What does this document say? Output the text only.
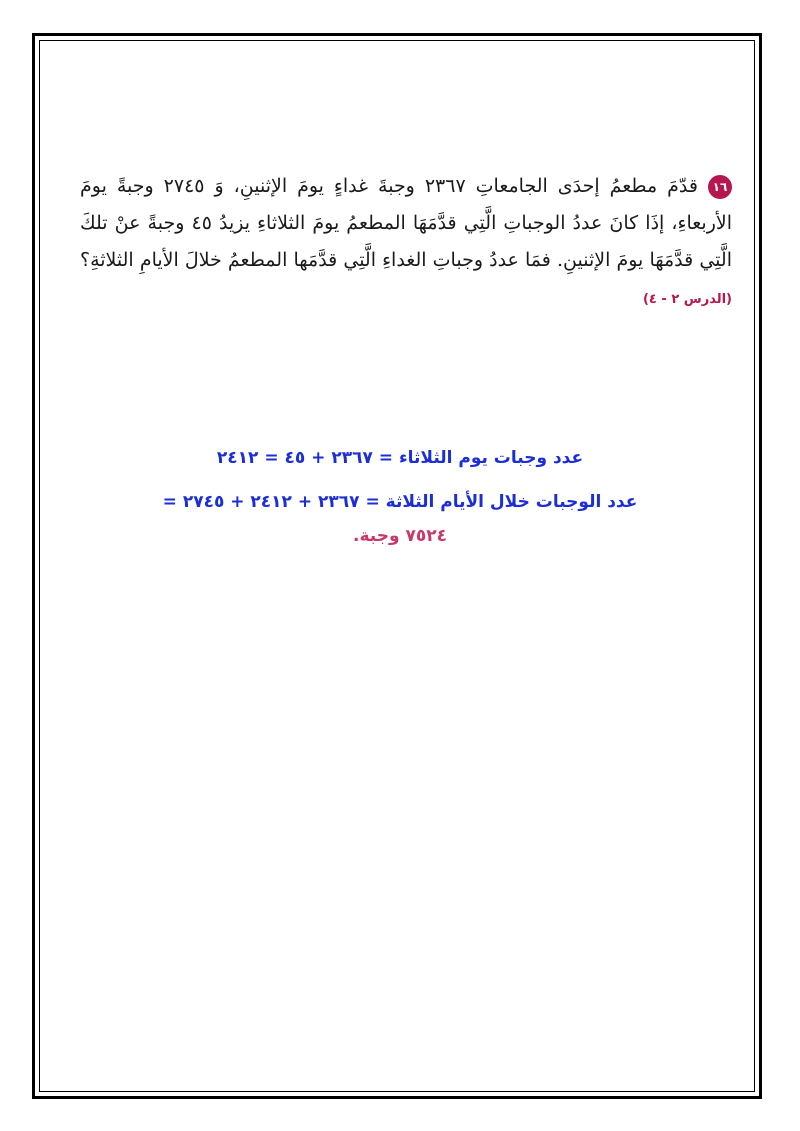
١٦قدّمَ مطعمُ إحدَى الجامعاتِ ٢٣٦٧ وجبةَ غداءٍ يومَ الإثنينِ، وَ ٢٧٤٥ وجبةً يومَ الأربعاءِ، إذَا كانَ عددُ الوجباتِ الَّتِي قدَّمَهَا المطعمُ يومَ الثلاثاءِ يزيدُ ٤٥ وجبةً عنْ تلكَ الَّتِي قدَّمَهَا يومَ الإثنينِ. فمَا عددُ وجباتِ الغداءِ الَّتِي قدَّمَها المطعمُ خلالَ الأيامِ الثلاثةِ؟ (الدرس ٢ - ٤)
عدد وجبات يوم الثلاثاء = ٢٣٦٧ + ٤٥ = ٢٤١٢
عدد الوجبات خلال الأيام الثلاثة = ٢٣٦٧ + ٢٤١٢ + ٢٧٤٥ =
٧٥٢٤ وجبة.
